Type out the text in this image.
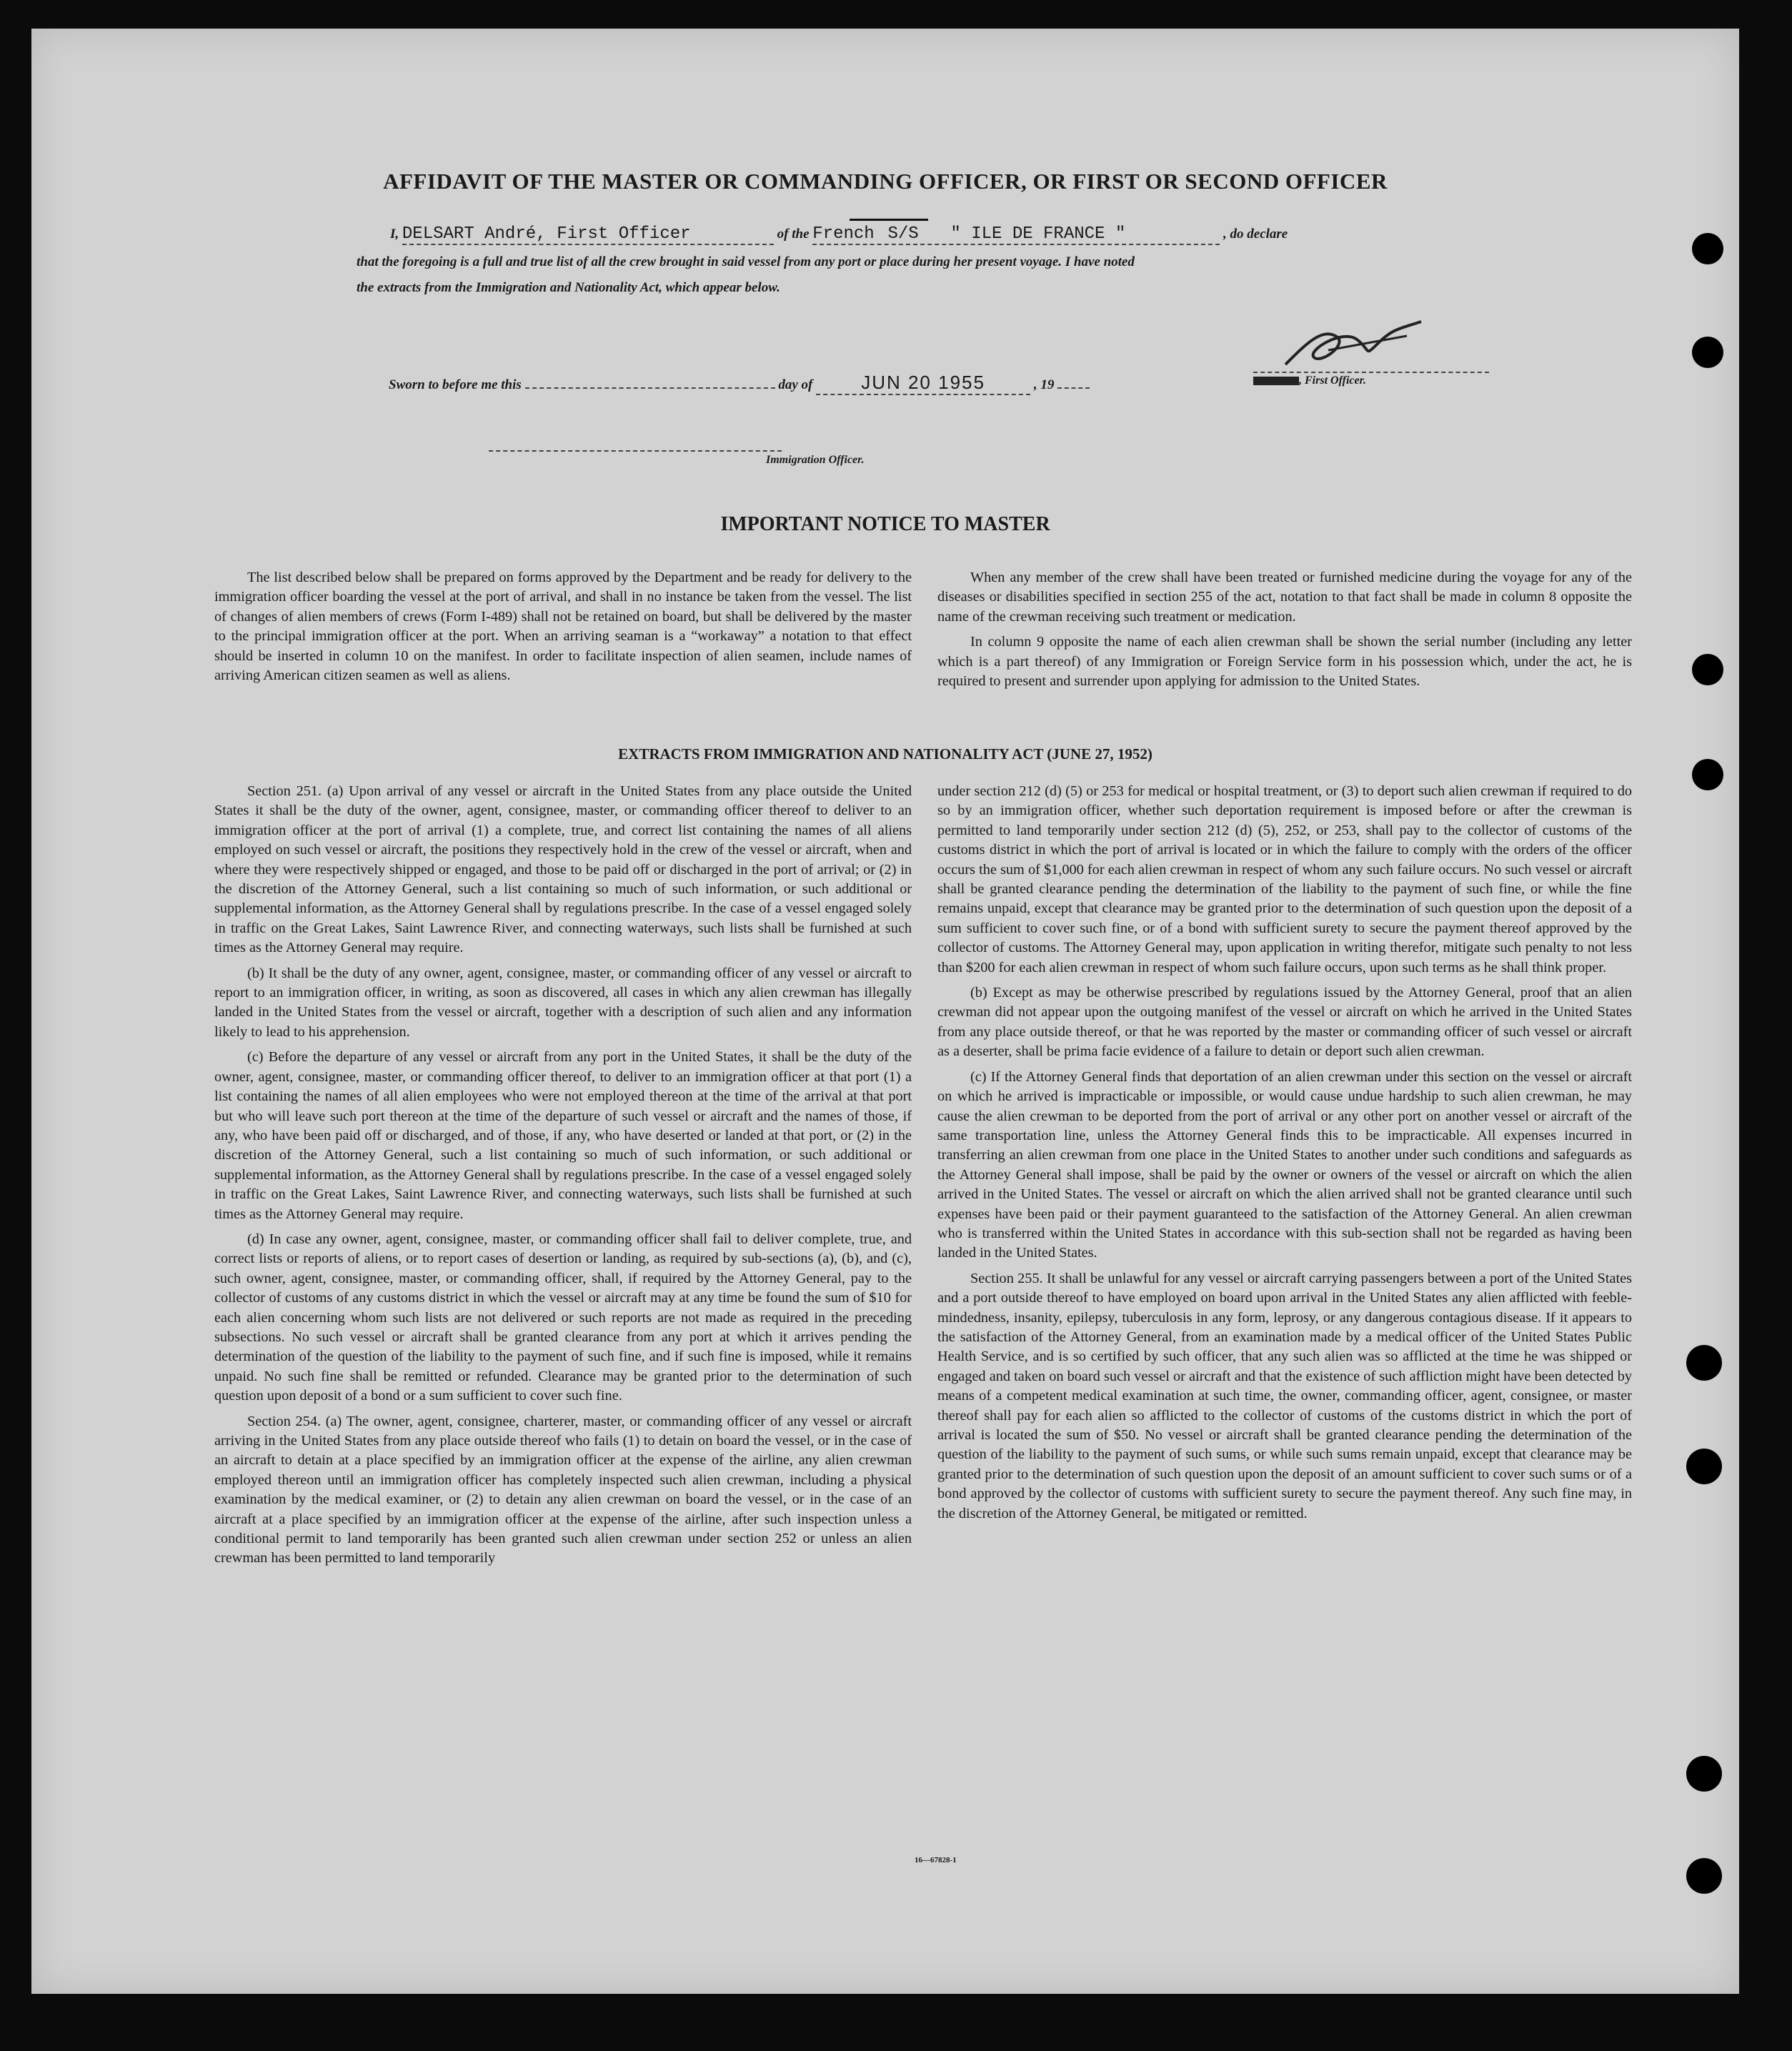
AFFIDAVIT OF THE MASTER OR COMMANDING OFFICER, OR FIRST OR SECOND OFFICER
I, DELSART André, First Officer	of the French S/S " ILE DE FRANCE "	, do declare
that the foregoing is a full and true list of all the crew brought in said vessel from any port or place during her present voyage. I have noted
the extracts from the Immigration and Nationality Act, which appear below.
, First Officer.
Sworn to before me this	day of	JUN 20 1955	, 19
Immigration Officer.
IMPORTANT NOTICE TO MASTER

The list described below shall be prepared on forms approved by the Department and be ready for delivery to the immigration officer boarding the vessel at the port of arrival, and shall in no instance be taken from the vessel. The list of changes of alien members of crews (Form I-489) shall not be retained on board, but shall be delivered by the master to the principal immigration officer at the port. When an arriving seaman is a “workaway” a notation to that effect should be inserted in column 10 on the manifest. In order to facilitate inspection of alien seamen, include names of arriving American citizen seamen as well as aliens.

When any member of the crew shall have been treated or furnished medicine during the voyage for any of the diseases or disabilities specified in section 255 of the act, notation to that fact shall be made in column 8 opposite the name of the crewman receiving such treatment or medication.

In column 9 opposite the name of each alien crewman shall be shown the serial number (including any letter which is a part thereof) of any Immigration or Foreign Service form in his possession which, under the act, he is required to present and surrender upon applying for admission to the United States.

EXTRACTS FROM IMMIGRATION AND NATIONALITY ACT (JUNE 27, 1952)

Section 251. (a) Upon arrival of any vessel or aircraft in the United States from any place outside the United States it shall be the duty of the owner, agent, consignee, master, or commanding officer thereof to deliver to an immigration officer at the port of arrival (1) a complete, true, and correct list containing the names of all aliens employed on such vessel or aircraft, the positions they respectively hold in the crew of the vessel or aircraft, when and where they were respectively shipped or engaged, and those to be paid off or discharged in the port of arrival; or (2) in the discretion of the Attorney General, such a list containing so much of such information, or such additional or supplemental information, as the Attorney General shall by regulations prescribe. In the case of a vessel engaged solely in traffic on the Great Lakes, Saint Lawrence River, and connecting waterways, such lists shall be furnished at such times as the Attorney General may require.

(b) It shall be the duty of any owner, agent, consignee, master, or commanding officer of any vessel or aircraft to report to an immigration officer, in writing, as soon as discovered, all cases in which any alien crewman has illegally landed in the United States from the vessel or aircraft, together with a description of such alien and any information likely to lead to his apprehension.

(c) Before the departure of any vessel or aircraft from any port in the United States, it shall be the duty of the owner, agent, consignee, master, or commanding officer thereof, to deliver to an immigration officer at that port (1) a list containing the names of all alien employees who were not employed thereon at the time of the arrival at that port but who will leave such port thereon at the time of the departure of such vessel or aircraft and the names of those, if any, who have been paid off or discharged, and of those, if any, who have deserted or landed at that port, or (2) in the discretion of the Attorney General, such a list containing so much of such information, or such additional or supplemental information, as the Attorney General shall by regulations prescribe. In the case of a vessel engaged solely in traffic on the Great Lakes, Saint Lawrence River, and connecting waterways, such lists shall be furnished at such times as the Attorney General may require.

(d) In case any owner, agent, consignee, master, or commanding officer shall fail to deliver complete, true, and correct lists or reports of aliens, or to report cases of desertion or landing, as required by sub-sections (a), (b), and (c), such owner, agent, consignee, master, or commanding officer, shall, if required by the Attorney General, pay to the collector of customs of any customs district in which the vessel or aircraft may at any time be found the sum of $10 for each alien concerning whom such lists are not delivered or such reports are not made as required in the preceding subsections. No such vessel or aircraft shall be granted clearance from any port at which it arrives pending the determination of the question of the liability to the payment of such fine, and if such fine is imposed, while it remains unpaid. No such fine shall be remitted or refunded. Clearance may be granted prior to the determination of such question upon deposit of a bond or a sum sufficient to cover such fine.

Section 254. (a) The owner, agent, consignee, charterer, master, or commanding officer of any vessel or aircraft arriving in the United States from any place outside thereof who fails (1) to detain on board the vessel, or in the case of an aircraft to detain at a place specified by an immigration officer at the expense of the airline, any alien crewman employed thereon until an immigration officer has completely inspected such alien crewman, including a physical examination by the medical examiner, or (2) to detain any alien crewman on board the vessel, or in the case of an aircraft at a place specified by an immigration officer at the expense of the airline, after such inspection unless a conditional permit to land temporarily has been granted such alien crewman under section 252 or unless an alien crewman has been permitted to land temporarily

under section 212 (d) (5) or 253 for medical or hospital treatment, or (3) to deport such alien crewman if required to do so by an immigration officer, whether such deportation requirement is imposed before or after the crewman is permitted to land temporarily under section 212 (d) (5), 252, or 253, shall pay to the collector of customs of the customs district in which the port of arrival is located or in which the failure to comply with the orders of the officer occurs the sum of $1,000 for each alien crewman in respect of whom any such failure occurs. No such vessel or aircraft shall be granted clearance pending the determination of the liability to the payment of such fine, or while the fine remains unpaid, except that clearance may be granted prior to the determination of such question upon the deposit of a sum sufficient to cover such fine, or of a bond with sufficient surety to secure the payment thereof approved by the collector of customs. The Attorney General may, upon application in writing therefor, mitigate such penalty to not less than $200 for each alien crewman in respect of whom such failure occurs, upon such terms as he shall think proper.

(b) Except as may be otherwise prescribed by regulations issued by the Attorney General, proof that an alien crewman did not appear upon the outgoing manifest of the vessel or aircraft on which he arrived in the United States from any place outside thereof, or that he was reported by the master or commanding officer of such vessel or aircraft as a deserter, shall be prima facie evidence of a failure to detain or deport such alien crewman.

(c) If the Attorney General finds that deportation of an alien crewman under this section on the vessel or aircraft on which he arrived is impracticable or impossible, or would cause undue hardship to such alien crewman, he may cause the alien crewman to be deported from the port of arrival or any other port on another vessel or aircraft of the same transportation line, unless the Attorney General finds this to be impracticable. All expenses incurred in transferring an alien crewman from one place in the United States to another under such conditions and safeguards as the Attorney General shall impose, shall be paid by the owner or owners of the vessel or aircraft on which the alien arrived in the United States. The vessel or aircraft on which the alien arrived shall not be granted clearance until such expenses have been paid or their payment guaranteed to the satisfaction of the Attorney General. An alien crewman who is transferred within the United States in accordance with this sub-section shall not be regarded as having been landed in the United States.

Section 255. It shall be unlawful for any vessel or aircraft carrying passengers between a port of the United States and a port outside thereof to have employed on board upon arrival in the United States any alien afflicted with feeble-mindedness, insanity, epilepsy, tuberculosis in any form, leprosy, or any dangerous contagious disease. If it appears to the satisfaction of the Attorney General, from an examination made by a medical officer of the United States Public Health Service, and is so certified by such officer, that any such alien was so afflicted at the time he was shipped or engaged and taken on board such vessel or aircraft and that the existence of such affliction might have been detected by means of a competent medical examination at such time, the owner, commanding officer, agent, consignee, or master thereof shall pay for each alien so afflicted to the collector of customs of the customs district in which the port of arrival is located the sum of $50. No vessel or aircraft shall be granted clearance pending the determination of the question of the liability to the payment of such sums, or while such sums remain unpaid, except that clearance may be granted prior to the determination of such question upon the deposit of an amount sufficient to cover such sums or of a bond approved by the collector of customs with sufficient surety to secure the payment thereof. Any such fine may, in the discretion of the Attorney General, be mitigated or remitted.

16—67828-1
